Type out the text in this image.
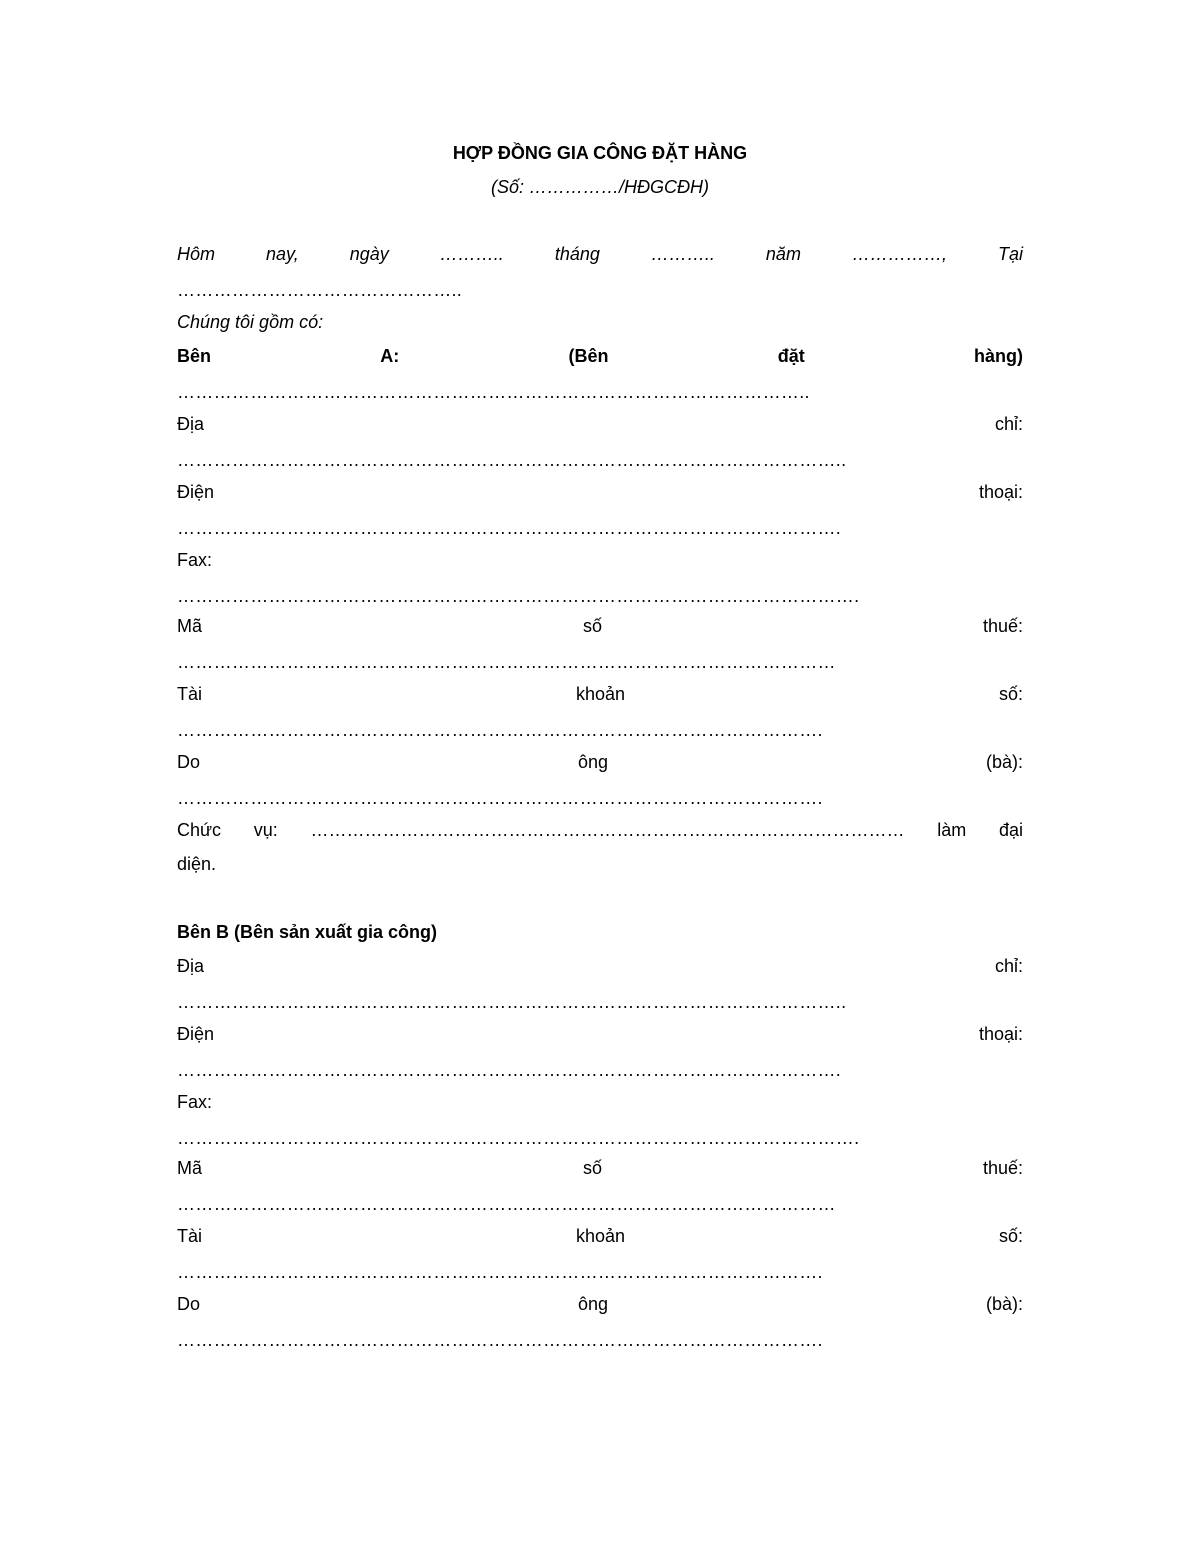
HỢP ĐỒNG GIA CÔNG ĐẶT HÀNG
(Số: ……………/HĐGCĐH)
Hôm	nay,	ngày	………..	tháng	………..	năm	……………,	Tại
………………………………………..
Chúng tôi gồm có:
Bên	A:	(Bên	đặt	hàng)
…………………………………………………………………………………………..
Địa	chỉ:
………………………………………………………………………………………………..
Điện	thoại:
……………………………………………………………………………………………….
Fax:
………………………………………………………………………………………………….
Mã	số	thuế:
………………………………………………………………………………………………
Tài	khoản	số:
…………………………………………………………………………………………….
Do	ông	(bà):
…………………………………………………………………………………………….
Chức vụ: ……………………………………………………………………………………… làm đại
diện.
Bên B (Bên sản xuất gia công)
Địa	chỉ:
………………………………………………………………………………………………..
Điện	thoại:
……………………………………………………………………………………………….
Fax:
………………………………………………………………………………………………….
Mã	số	thuế:
………………………………………………………………………………………………
Tài	khoản	số:
…………………………………………………………………………………………….
Do	ông	(bà):
…………………………………………………………………………………………….
